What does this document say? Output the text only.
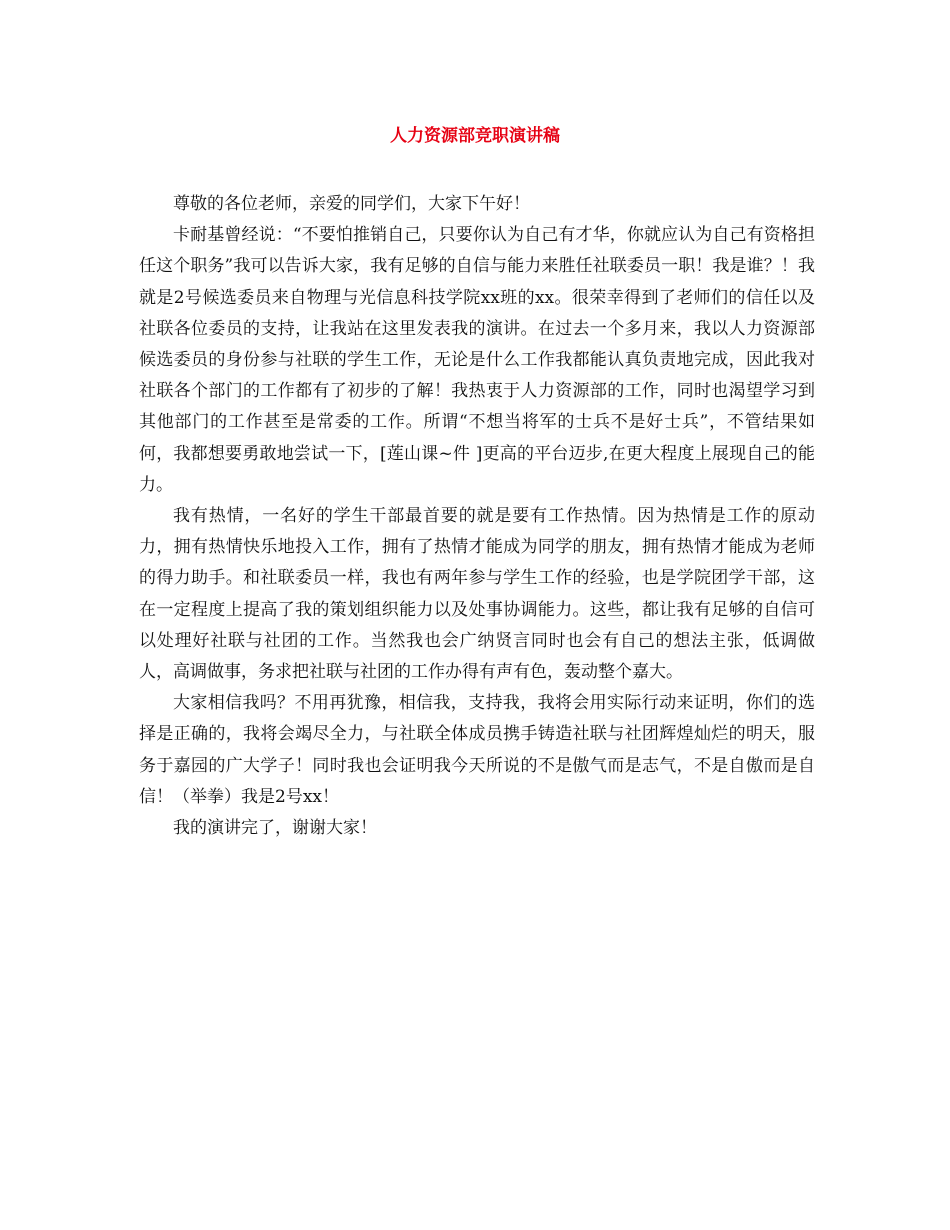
人力资源部竞职演讲稿

尊敬的各位老师，亲爱的同学们，大家下午好！

卡耐基曾经说：“不要怕推销自己，只要你认为自己有才华，你就应认为自己有资格担任这个职务”我可以告诉大家，我有足够的自信与能力来胜任社联委员一职！我是谁？！我就是2号候选委员来自物理与光信息科技学院xx班的xx。很荣幸得到了老师们的信任以及社联各位委员的支持，让我站在这里发表我的演讲。在过去一个多月来，我以人力资源部候选委员的身份参与社联的学生工作，无论是什么工作我都能认真负责地完成，因此我对社联各个部门的工作都有了初步的了解！我热衷于人力资源部的工作，同时也渴望学习到其他部门的工作甚至是常委的工作。所谓“不想当将军的士兵不是好士兵”，不管结果如何，我都想要勇敢地尝试一下，[莲山课~件 ]更高的平台迈步,在更大程度上展现自己的能力。

我有热情，一名好的学生干部最首要的就是要有工作热情。因为热情是工作的原动力，拥有热情快乐地投入工作，拥有了热情才能成为同学的朋友，拥有热情才能成为老师的得力助手。和社联委员一样，我也有两年参与学生工作的经验，也是学院团学干部，这在一定程度上提高了我的策划组织能力以及处事协调能力。这些，都让我有足够的自信可以处理好社联与社团的工作。当然我也会广纳贤言同时也会有自己的想法主张，低调做人，高调做事，务求把社联与社团的工作办得有声有色，轰动整个嘉大。

大家相信我吗？不用再犹豫，相信我，支持我，我将会用实际行动来证明，你们的选择是正确的，我将会竭尽全力，与社联全体成员携手铸造社联与社团辉煌灿烂的明天，服务于嘉园的广大学子！同时我也会证明我今天所说的不是傲气而是志气，不是自傲而是自信！（举拳）我是2号xx！

我的演讲完了，谢谢大家！
